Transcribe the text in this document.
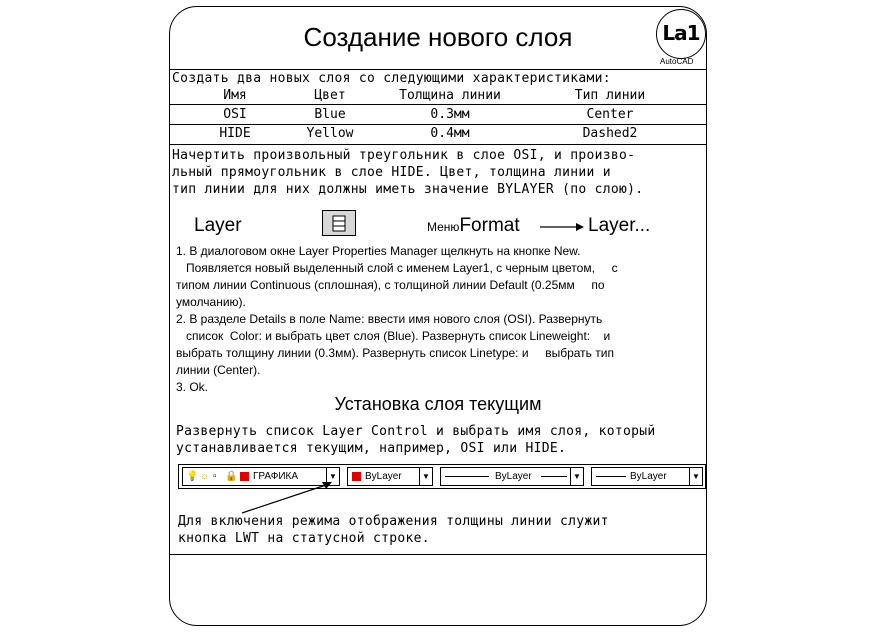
Создание нового слоя	La1
AutoCAD
Создать два новых слоя со следующими характеристиками:
Имя	Цвет	Толщина линии	Тип линии
OSI	Blue	0.3мм	Center
HIDE	Yellow	0.4мм	Dashed2
Начертить произвольный треугольник в слое OSI, и произво-
льный прямоугольник в слое HIDE. Цвет, толщина линии и
тип линии для них должны иметь значение BYLAYER (по слою).
Layer	МенюFormat	Layer...
1. В диалоговом окне Layer Properties Manager щелкнуть на кнопке New.
Появляется новый выделенный слой с именем Layer1, с черным цветом,     с
типом линии Continuous (сплошная), с толщиной линии Default (0.25мм     по
умолчанию).
2. В разделе Details в поле Name: ввести имя нового слоя (OSI). Развернуть
список  Color: и выбрать цвет слоя (Blue). Развернуть список Lineweight:    и
выбрать толщину линии (0.3мм). Развернуть список Linetype: и     выбрать тип
линии (Center).
3. Ok.
Установка слоя текущим
Развернуть список Layer Control и выбрать имя слоя, который
устанавливается текущим, например, OSI или HIDE.
💡 ☼ ▫ 🔒 ГРАФИКА	▼	ByLayer	▼	ByLayer	▼	ByLayer	▼
Для включения режима отображения толщины линии служит
кнопка LWT на статусной строке.
